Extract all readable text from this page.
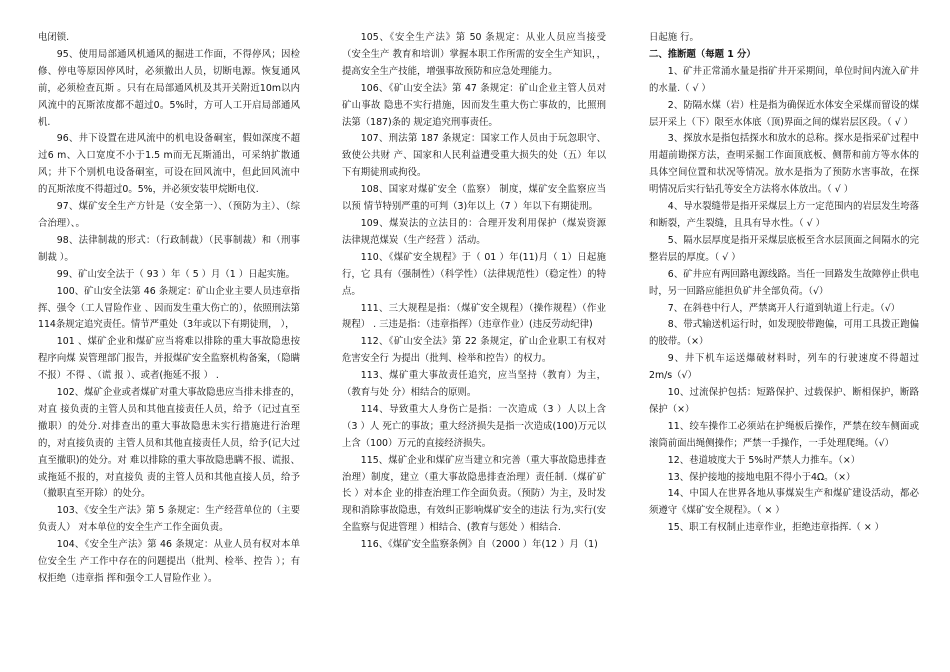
电闭锁.

95、使用局部通风机通风的掘进工作面，不得停风；因检修、停电等原因停风时，必须撤出人员，切断电源。恢复通风前，必须检查瓦斯 。只有在局部通风机及其开关附近10m以内风流中的瓦斯浓度都不超过0。5%时，方可人工开启局部通风机.

96、井下设置在进风流中的机电设备硐室，假如深度不超过6 m、入口宽度不小于1.5 m而无瓦斯涌出，可采纳扩散通风；井下个别机电设备硐室，可设在回风流中，但此回风流中的瓦斯浓度不得超过0。5%，并必须安装甲烷断电仪.

97、煤矿安全生产方针是（安全第一）、（预防为主）、（综合治理）、。

98、法律制裁的形式：（行政制裁）（民事制裁）和（刑事制裁 ）。

99、矿山安全法于（ 93 ）年（ 5 ）月（1 ）日起实施。

100、矿山安全法第 46 条规定：矿山企业主要人员违章指挥、强令（工人冒险作业 、因而发生重大伤亡的），依照刑法第 114条规定追究责任。情节严重处（3年或以下有期徒刑， ），

101 、煤矿企业和煤矿应当将难以排除的重大事故隐患按程序向煤 炭管理部门报告，并报煤矿安全监察机构备案，（隐瞒不报）不得 、（谎 报 ）、或者(拖延不报 ） .

102、煤矿企业或者煤矿对重大事故隐患应当排未排查的，对直 接负责的主管人员和其他直接责任人员，给予（记过直至撤职）的处分.对排查出的重大事故隐患未实行措施进行治理的，对直接负责的 主管人员和其他直接责任人员，给予(记大过直至撤职)的处分。对 难以排除的重大事故隐患瞒不报、谎报、或拖延不报的，对直接负 责的主管人员和其他直接人员，给予（撤职直至开除）的处分。

103、《安全生产法》第 5 条规定：生产经营单位的（主要负责人） 对本单位的安全生产工作全面负责。

104、《安全生产法》第 46 条规定：从业人员有权对本单位安全生 产工作中存在的问题提出（批判、检举、控告 ）；有权拒绝（违章指 挥和强令工人冒险作业 ）。

105、《安全生产法》第 50 条规定：从业人员应当接受（安全生产 教育和培训）掌握本职工作所需的安全生产知识，，提高安全生产技能，增强事故预防和应急处理能力。

106、《矿山安全法》第 47 条规定：矿山企业主管人员对矿山事故 隐患不实行措施，因而发生重大伤亡事故的，比照刑法第（187)条的 规定追究刑事责任。

107、刑法第 187 条规定：国家工作人员由于玩忽职守、致使公共财 产、国家和人民利益遭受重大损失的处（五）年以下有期徒刑或拘役。

108、国家对煤矿安全（监察） 制度，煤矿安全监察应当以预 情节特别严重的可判（3)年以上（7 ）年以下有期徒刑。

109、煤炭法的立法目的：合理开发利用保护（煤炭资源 法律规范煤炭（生产经营 ）活动。

110、《煤矿安全规程》于（ 01 ）年(11)月（ 1）日起施行，它 具有（强制性）（科学性）（法律规范性）（稳定性）的特点。

111、三大规程是指：（煤矿安全规程）（操作规程）（作业规程） . 三违是指：（违章指挥）（违章作业）(违反劳动纪律)

112、《矿山安全法》第 22 条规定，矿山企业职工有权对危害安全行 为提出（批判、检举和控告）的权力。

113、煤矿重大事故责任追究，应当坚持（教育）为主，（教育与处 分）相结合的原则。

114、导致重大人身伤亡是指：一次造成（3 ）人以上含（3 ）人 死亡的事故；重大经济损失是指一次造成(100)万元以上含（100）万元的直接经济损失。

115、煤矿企业和煤矿应当建立和完善（重大事故隐患排查治理）制度，建立（重大事故隐患排查治理）责任制.（煤矿矿长 ）对本企 业的排查治理工作全面负责。（预防）为主，及时发现和消除事故隐患，有效纠正影响煤矿安全的违法 行为,实行(安全监察与促进管理 ）相结合、(教育与惩处 ）相结合.

116、《煤矿安全监察条例》自（2000 ）年(12 ）月（1)

日起施 行。

二、推断题（每题 1 分）

1、矿井正常涌水量是指矿井开采期间，单位时间内流入矿井的水量.（ √ ）

2、防隔水煤（岩）柱是指为确保近水体安全采煤而留设的煤层开采上（下）限至水体底（顶)界面之间的煤岩层区段。（ √ ）

3、探放水是指包括探水和放水的总称。探水是指采矿过程中用超前勘探方法，查明采掘工作面顶底板、侧帮和前方等水体的具体空间位置和状况等情况。放水是指为了预防水害事故，在探明情况后实行钻孔等安全方法将水体放出。（ √ ）

4、导水裂缝带是指开采煤层上方一定范围内的岩层发生垮落和断裂，产生裂缝，且具有导水性。（ √ ）

5、隔水层厚度是指开采煤层底板至含水层顶面之间隔水的完整岩层的厚度。（ √ ）

6、矿井应有两回路电源线路。当任一回路发生故障停止供电时，另一回路应能担负矿井全部负荷。（√）

7、在斜巷中行人，严禁离开人行道到轨道上行走。（√）

8、带式输送机运行时，如发现胶带跑偏，可用工具拨正跑偏的胶带。（×）

9、井下机车运送爆破材料时，列车的行驶速度不得超过2m/s（√）

10、过流保护包括：短路保护、过载保护、断相保护，断路保护（×）

11、绞车操作工必须站在护绳板后操作，严禁在绞车侧面或滚筒前面出绳侧操作；严禁一手操作，一手处理爬绳。（√）

12、巷道坡度大于 5%时严禁人力推车。（×）

13、保护接地的接地电阻不得小于4Ω。（×）

14、中国人在世界各地从事煤炭生产和煤矿建设活动，都必须遵守《煤矿安全规程》。（ × ）

15、职工有权制止违章作业，拒绝违章指挥.（ × ）
